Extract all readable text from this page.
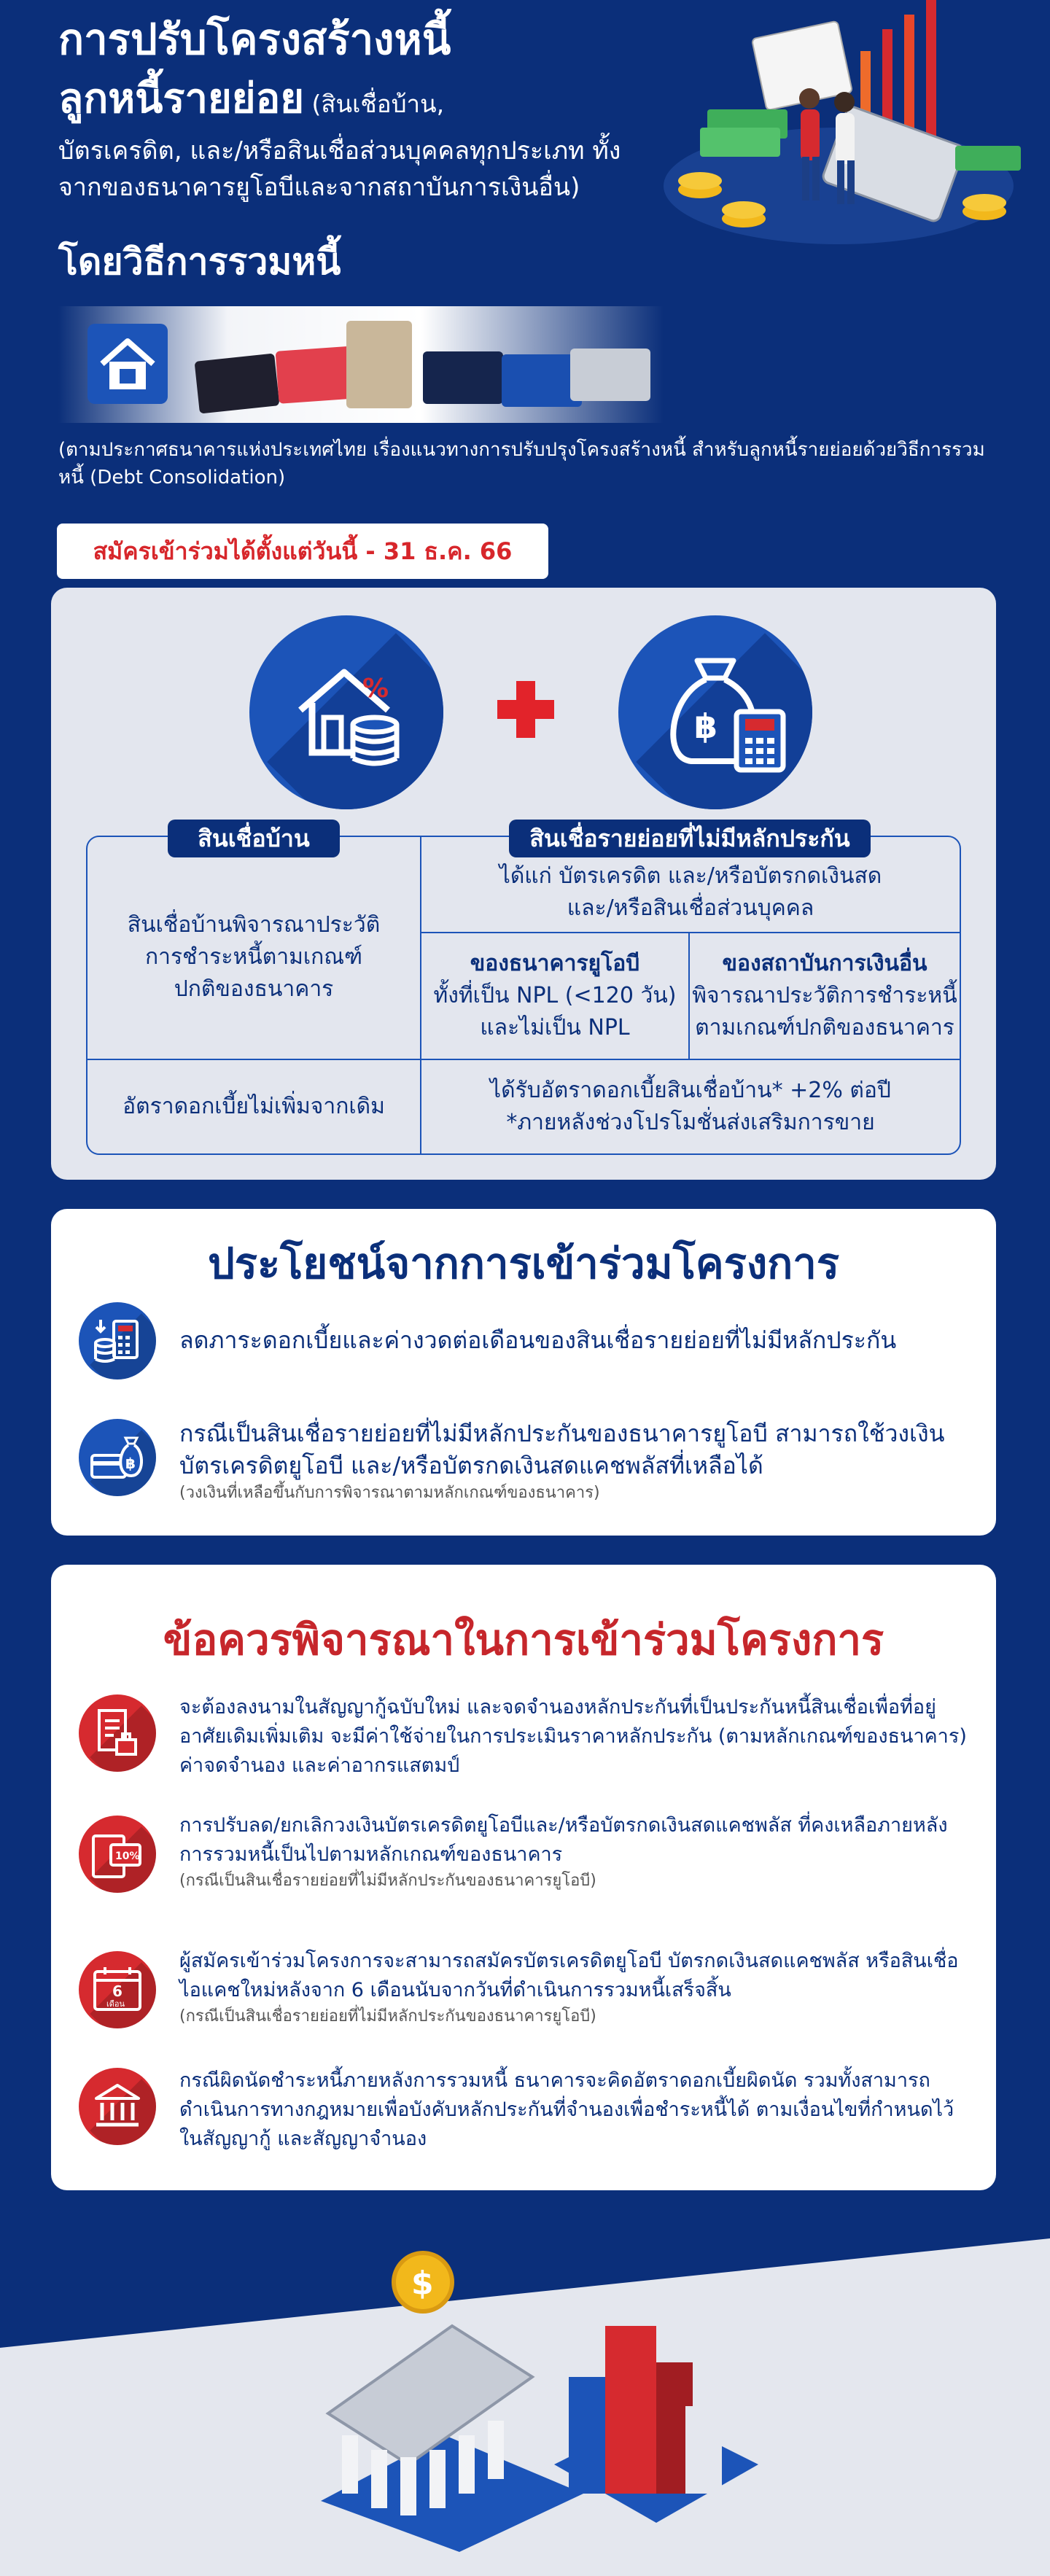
การปรับโครงสร้างหนี้
ลูกหนี้รายย่อย (สินเชื่อบ้าน,
บัตรเครดิต, และ/หรือสินเชื่อส่วนบุคคลทุกประเภท ทั้งจากของธนาคารยูโอบีและจากสถาบันการเงินอื่น)
โดยวิธีการรวมหนี้
(ตามประกาศธนาคารแห่งประเทศไทย เรื่องแนวทางการปรับปรุงโครงสร้างหนี้ สำหรับลูกหนี้รายย่อยด้วยวิธีการรวมหนี้ (Debt Consolidation)
สมัครเข้าร่วมได้ตั้งแต่วันนี้ - 31 ธ.ค. 66
%
฿
สินเชื่อบ้าน	สินเชื่อรายย่อยที่ไม่มีหลักประกัน
ได้แก่ บัตรเครดิต และ/หรือบัตรกดเงินสด
และ/หรือสินเชื่อส่วนบุคคล
สินเชื่อบ้านพิจารณาประวัติ
การชำระหนี้ตามเกณฑ์
ปกติของธนาคาร
ของธนาคารยูโอบี
ทั้งที่เป็น NPL (<120 วัน)
และไม่เป็น NPL
ของสถาบันการเงินอื่น
พิจารณาประวัติการชำระหนี้
ตามเกณฑ์ปกติของธนาคาร
อัตราดอกเบี้ยไม่เพิ่มจากเดิม
ได้รับอัตราดอกเบี้ยสินเชื่อบ้าน* +2% ต่อปี
*ภายหลังช่วงโปรโมชั่นส่งเสริมการขาย
ประโยชน์จากการเข้าร่วมโครงการ
ลดภาระดอกเบี้ยและค่างวดต่อเดือนของสินเชื่อรายย่อยที่ไม่มีหลักประกัน
฿
กรณีเป็นสินเชื่อรายย่อยที่ไม่มีหลักประกันของธนาคารยูโอบี สามารถใช้วงเงิน บัตรเครดิตยูโอบี และ/หรือบัตรกดเงินสดแคชพลัสที่เหลือได้
(วงเงินที่เหลือขึ้นกับการพิจารณาตามหลักเกณฑ์ของธนาคาร)
ข้อควรพิจารณาในการเข้าร่วมโครงการ
จะต้องลงนามในสัญญากู้ฉบับใหม่ และจดจำนองหลักประกันที่เป็นประกันหนี้สินเชื่อเพื่อที่อยู่อาศัยเดิมเพิ่มเติม จะมีค่าใช้จ่ายในการประเมินราคาหลักประกัน (ตามหลักเกณฑ์ของธนาคาร) ค่าจดจำนอง และค่าอากรแสตมป์
10%
การปรับลด/ยกเลิกวงเงินบัตรเครดิตยูโอบีและ/หรือบัตรกดเงินสดแคชพลัส ที่คงเหลือภายหลังการรวมหนี้เป็นไปตามหลักเกณฑ์ของธนาคาร
(กรณีเป็นสินเชื่อรายย่อยที่ไม่มีหลักประกันของธนาคารยูโอบี)
6
เดือน
ผู้สมัครเข้าร่วมโครงการจะสามารถสมัครบัตรเครดิตยูโอบี บัตรกดเงินสดแคชพลัส หรือสินเชื่อไอแคชใหม่หลังจาก 6 เดือนนับจากวันที่ดำเนินการรวมหนี้เสร็จสิ้น
(กรณีเป็นสินเชื่อรายย่อยที่ไม่มีหลักประกันของธนาคารยูโอบี)
กรณีผิดนัดชำระหนี้ภายหลังการรวมหนี้ ธนาคารจะคิดอัตราดอกเบี้ยผิดนัด รวมทั้งสามารถดำเนินการทางกฎหมายเพื่อบังคับหลักประกันที่จำนองเพื่อชำระหนี้ได้ ตามเงื่อนไขที่กำหนดไว้ในสัญญากู้ และสัญญาจำนอง
$
